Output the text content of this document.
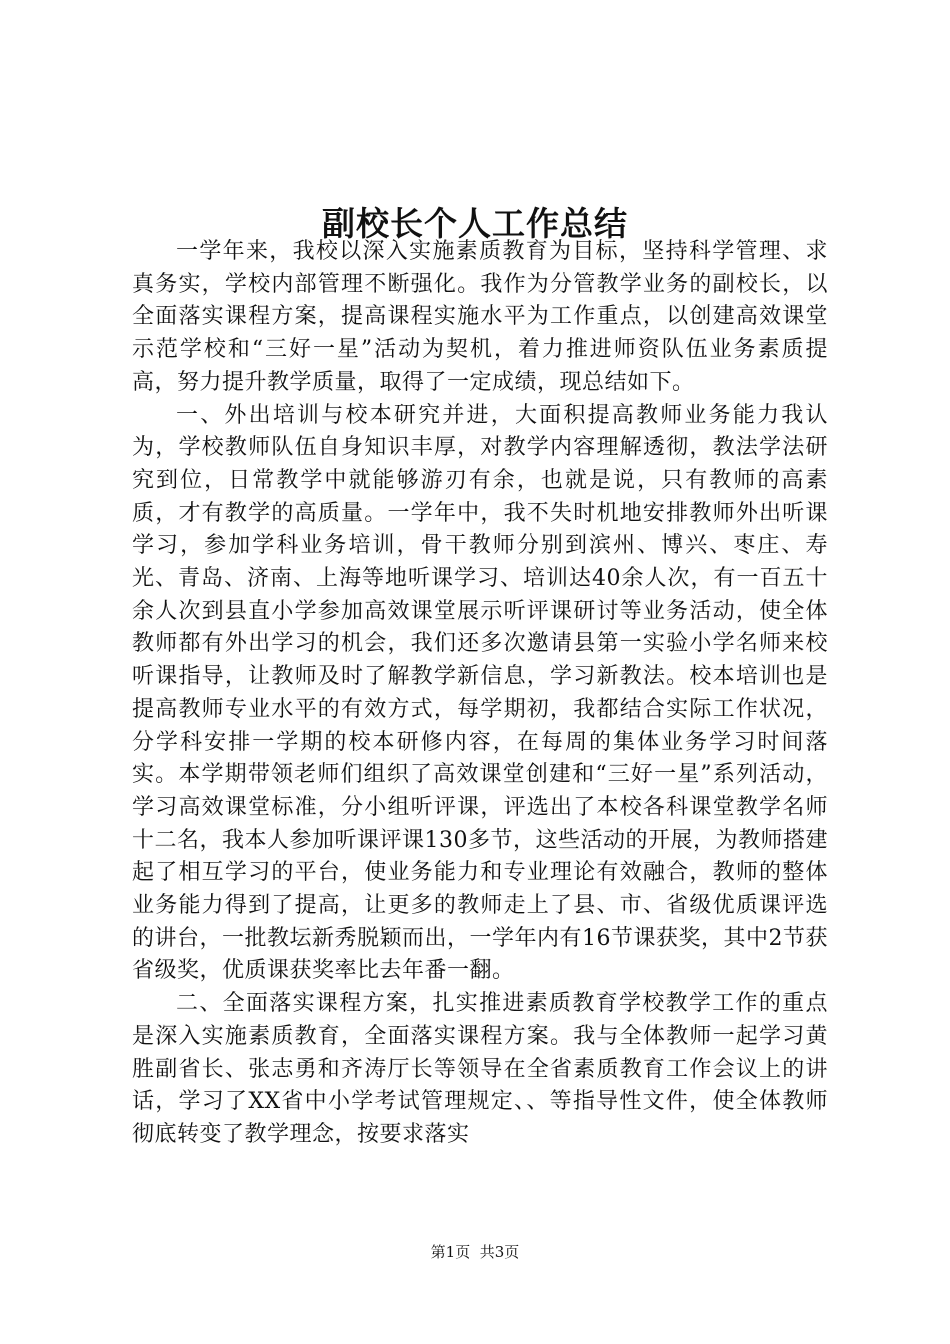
副校长个人工作总结

一学年来，我校以深入实施素质教育为目标，坚持科学管理、求真务实，学校内部管理不断强化。我作为分管教学业务的副校长，以全面落实课程方案，提高课程实施水平为工作重点，以创建高效课堂示范学校和“三好一星”活动为契机，着力推进师资队伍业务素质提高，努力提升教学质量，取得了一定成绩，现总结如下。

一、外出培训与校本研究并进，大面积提高教师业务能力我认为，学校教师队伍自身知识丰厚，对教学内容理解透彻，教法学法研究到位，日常教学中就能够游刃有余，也就是说，只有教师的高素质，才有教学的高质量。一学年中，我不失时机地安排教师外出听课学习，参加学科业务培训，骨干教师分别到滨州、博兴、枣庄、寿光、青岛、济南、上海等地听课学习、培训达40余人次，有一百五十余人次到县直小学参加高效课堂展示听评课研讨等业务活动，使全体教师都有外出学习的机会，我们还多次邀请县第一实验小学名师来校听课指导，让教师及时了解教学新信息，学习新教法。校本培训也是提高教师专业水平的有效方式，每学期初，我都结合实际工作状况，分学科安排一学期的校本研修内容，在每周的集体业务学习时间落实。本学期带领老师们组织了高效课堂创建和“三好一星”系列活动，学习高效课堂标准，分小组听评课，评选出了本校各科课堂教学名师十二名，我本人参加听课评课130多节，这些活动的开展，为教师搭建起了相互学习的平台，使业务能力和专业理论有效融合，教师的整体业务能力得到了提高，让更多的教师走上了县、市、省级优质课评选的讲台，一批教坛新秀脱颖而出，一学年内有16节课获奖，其中2节获省级奖，优质课获奖率比去年番一翻。

二、全面落实课程方案，扎实推进素质教育学校教学工作的重点是深入实施素质教育，全面落实课程方案。我与全体教师一起学习黄胜副省长、张志勇和齐涛厅长等领导在全省素质教育工作会议上的讲话，学习了XX省中小学考试管理规定、、等指导性文件，使全体教师彻底转变了教学理念，按要求落实

第1页 共3页
